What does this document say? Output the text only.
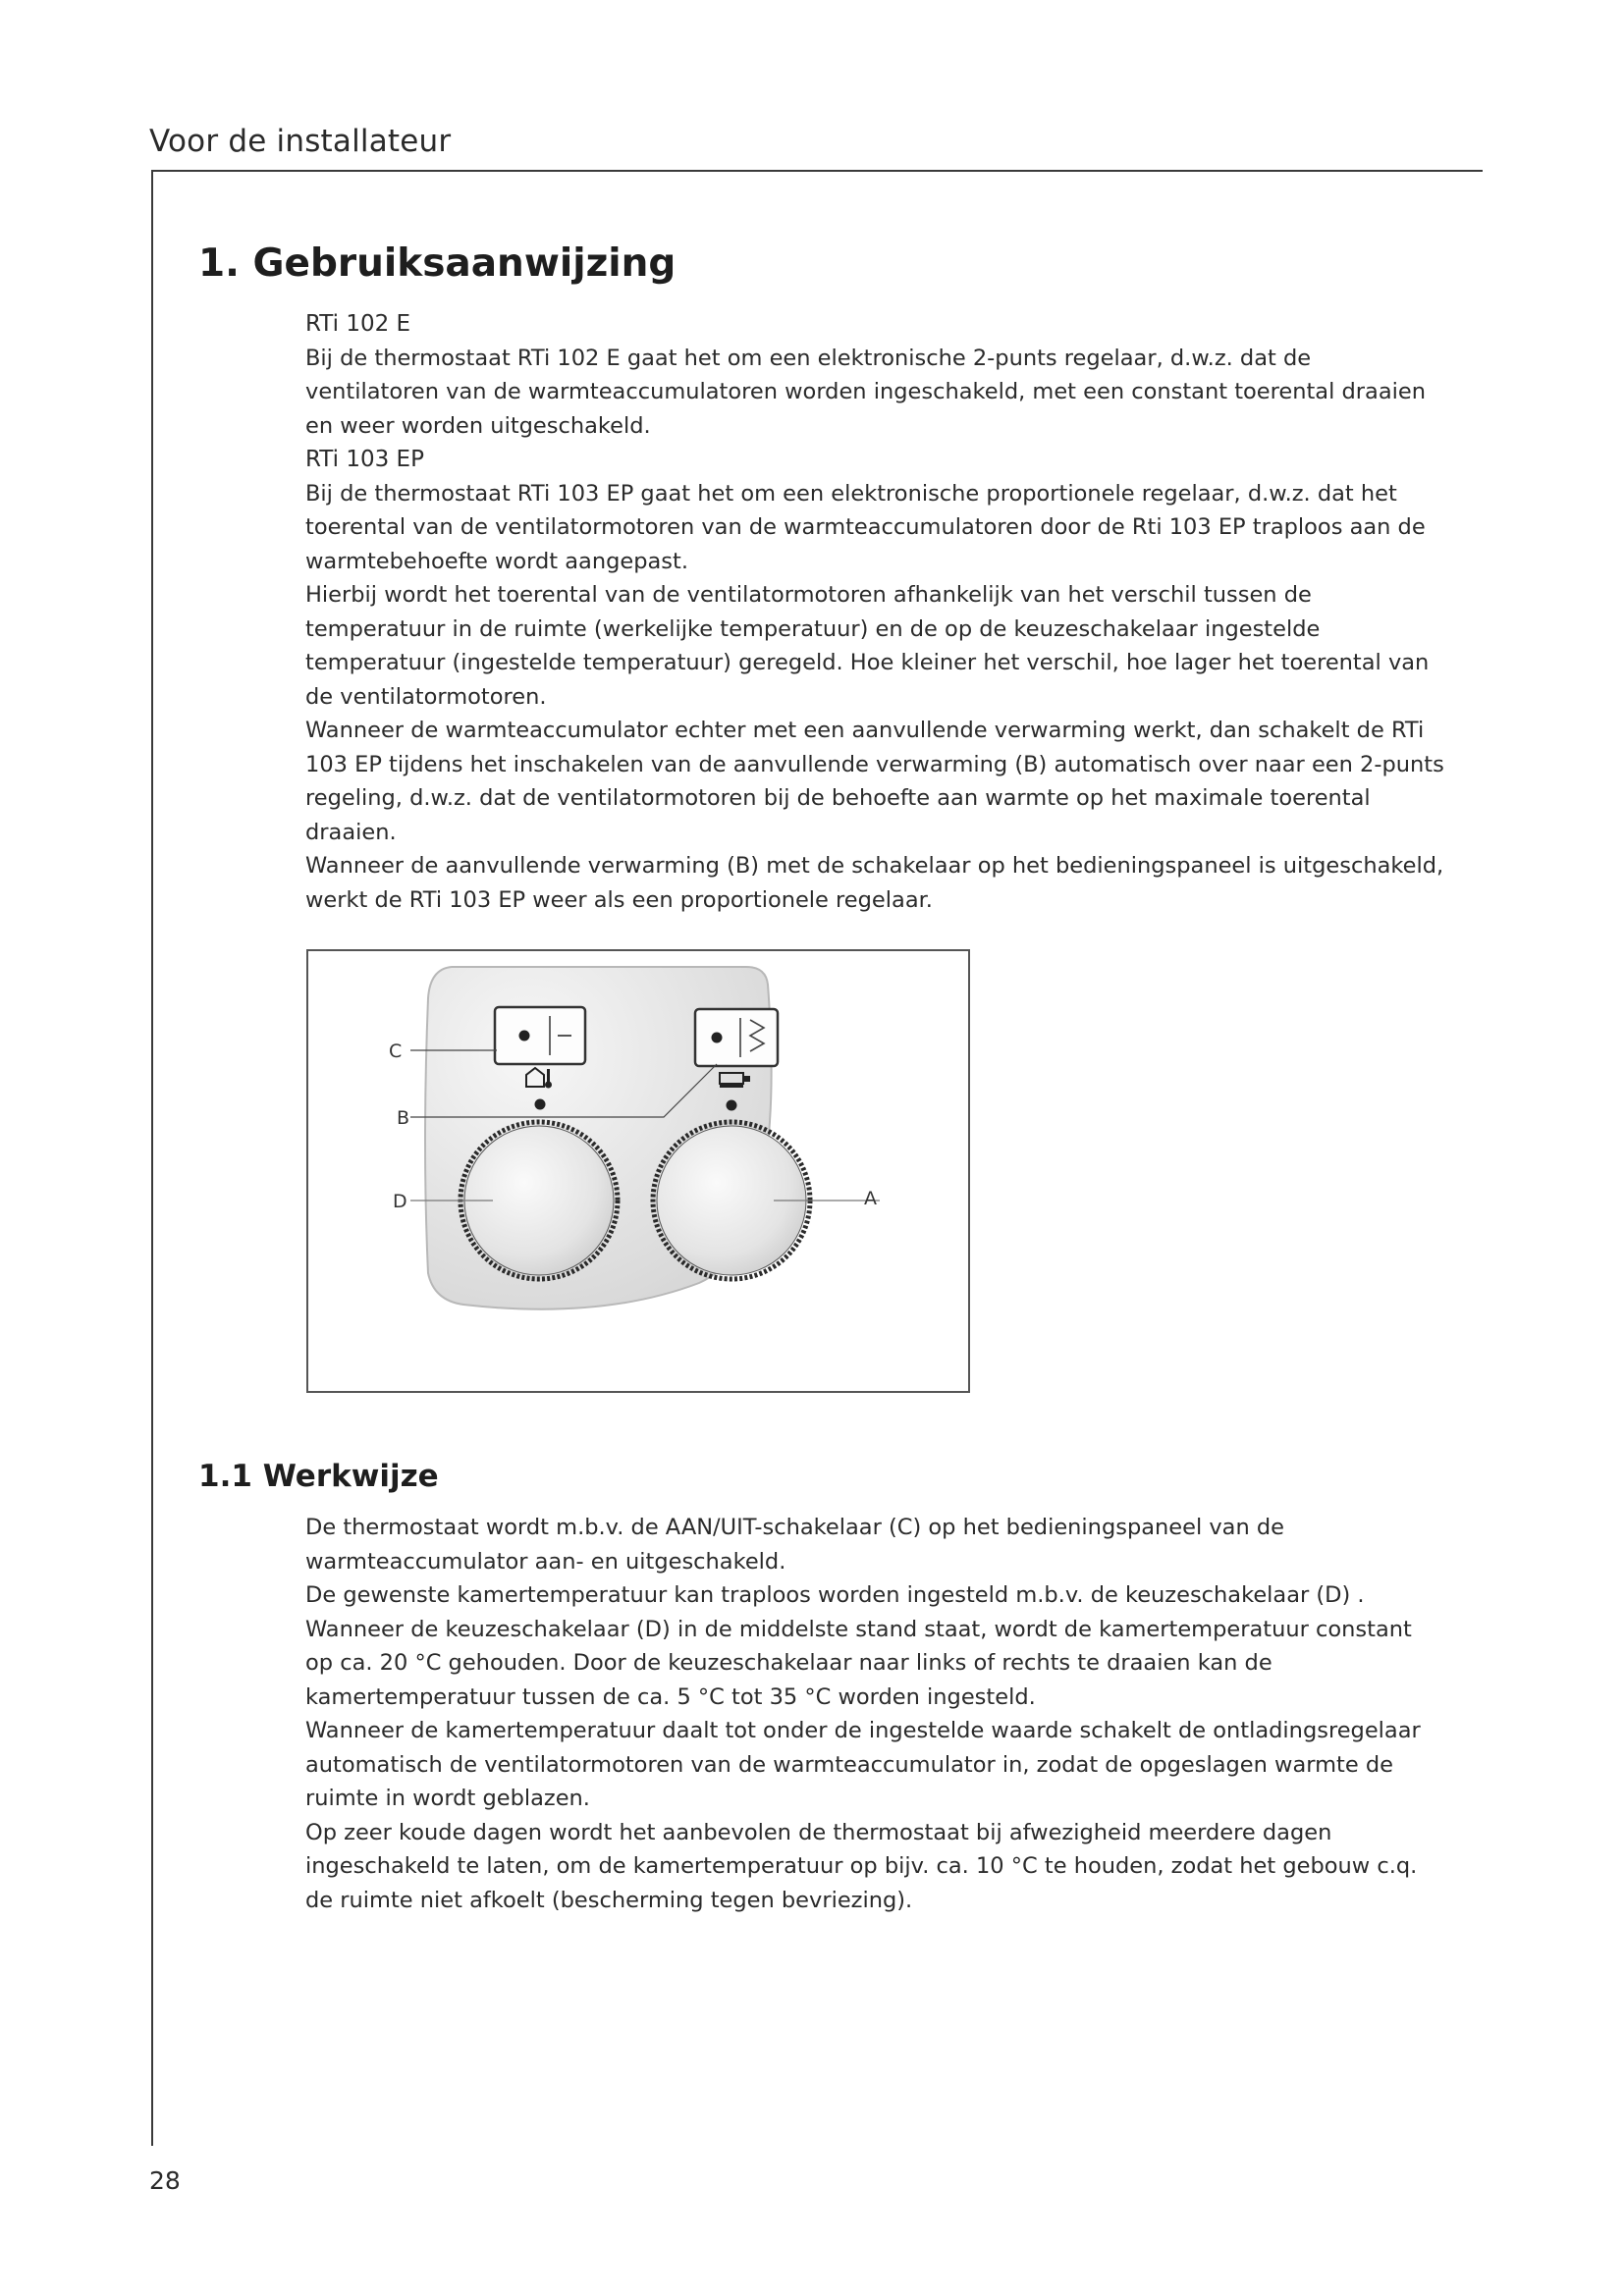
Voor de installateur
1. Gebruiksaanwijzing
RTi 102 E

Bij de thermostaat RTi 102 E gaat het om een elektronische 2-punts regelaar, d.w.z. dat de ventilatoren van de warmteaccumulatoren worden ingeschakeld, met een constant toerental draaien en weer worden uitgeschakeld.

RTi 103 EP

Bij de thermostaat RTi 103 EP gaat het om een elektronische proportionele regelaar, d.w.z. dat het toerental van de ventilatormotoren van de warmteaccumulatoren door de Rti 103 EP traploos aan de warmtebehoefte wordt aangepast.

Hierbij wordt het toerental van de ventilatormotoren afhankelijk van het verschil tussen de temperatuur in de ruimte (werkelijke temperatuur) en de op de keuzeschakelaar ingestelde temperatuur (ingestelde temperatuur) geregeld. Hoe kleiner het verschil, hoe lager het toerental van de ventilatormotoren.

Wanneer de warmteaccumulator echter met een aanvullende verwarming werkt, dan schakelt de RTi 103 EP tijdens het inschakelen van de aanvullende verwarming (B) automatisch over naar een 2-punts regeling, d.w.z. dat de ventilatormotoren bij de behoefte aan warmte op het maximale toerental draaien.

Wanneer de aanvullende verwarming (B) met de schakelaar op het bedieningspaneel is uitgeschakeld, werkt de RTi 103 EP weer als een proportionele regelaar.

C
B
D	A
1.1 Werkwijze

De thermostaat wordt m.b.v. de AAN/UIT-schakelaar (C) op het bedieningspaneel van de warmteaccumulator aan- en uitgeschakeld.

De gewenste kamertemperatuur kan traploos worden ingesteld m.b.v. de keuzeschakelaar (D) .

Wanneer de keuzeschakelaar (D) in de middelste stand staat, wordt de kamertemperatuur constant op ca. 20 °C gehouden. Door de keuzeschakelaar naar links of rechts te draaien kan de kamertemperatuur tussen de ca. 5 °C tot 35 °C worden ingesteld.

Wanneer de kamertemperatuur daalt tot onder de ingestelde waarde schakelt de ontladingsregelaar automatisch de ventilatormotoren van de warmteaccumulator in, zodat de opgeslagen warmte de ruimte in wordt geblazen.

Op zeer koude dagen wordt het aanbevolen de thermostaat bij afwezigheid meerdere dagen ingeschakeld te laten, om de kamertemperatuur op bijv. ca. 10 °C te houden, zodat het gebouw c.q. de ruimte niet afkoelt (bescherming tegen bevriezing).

28
